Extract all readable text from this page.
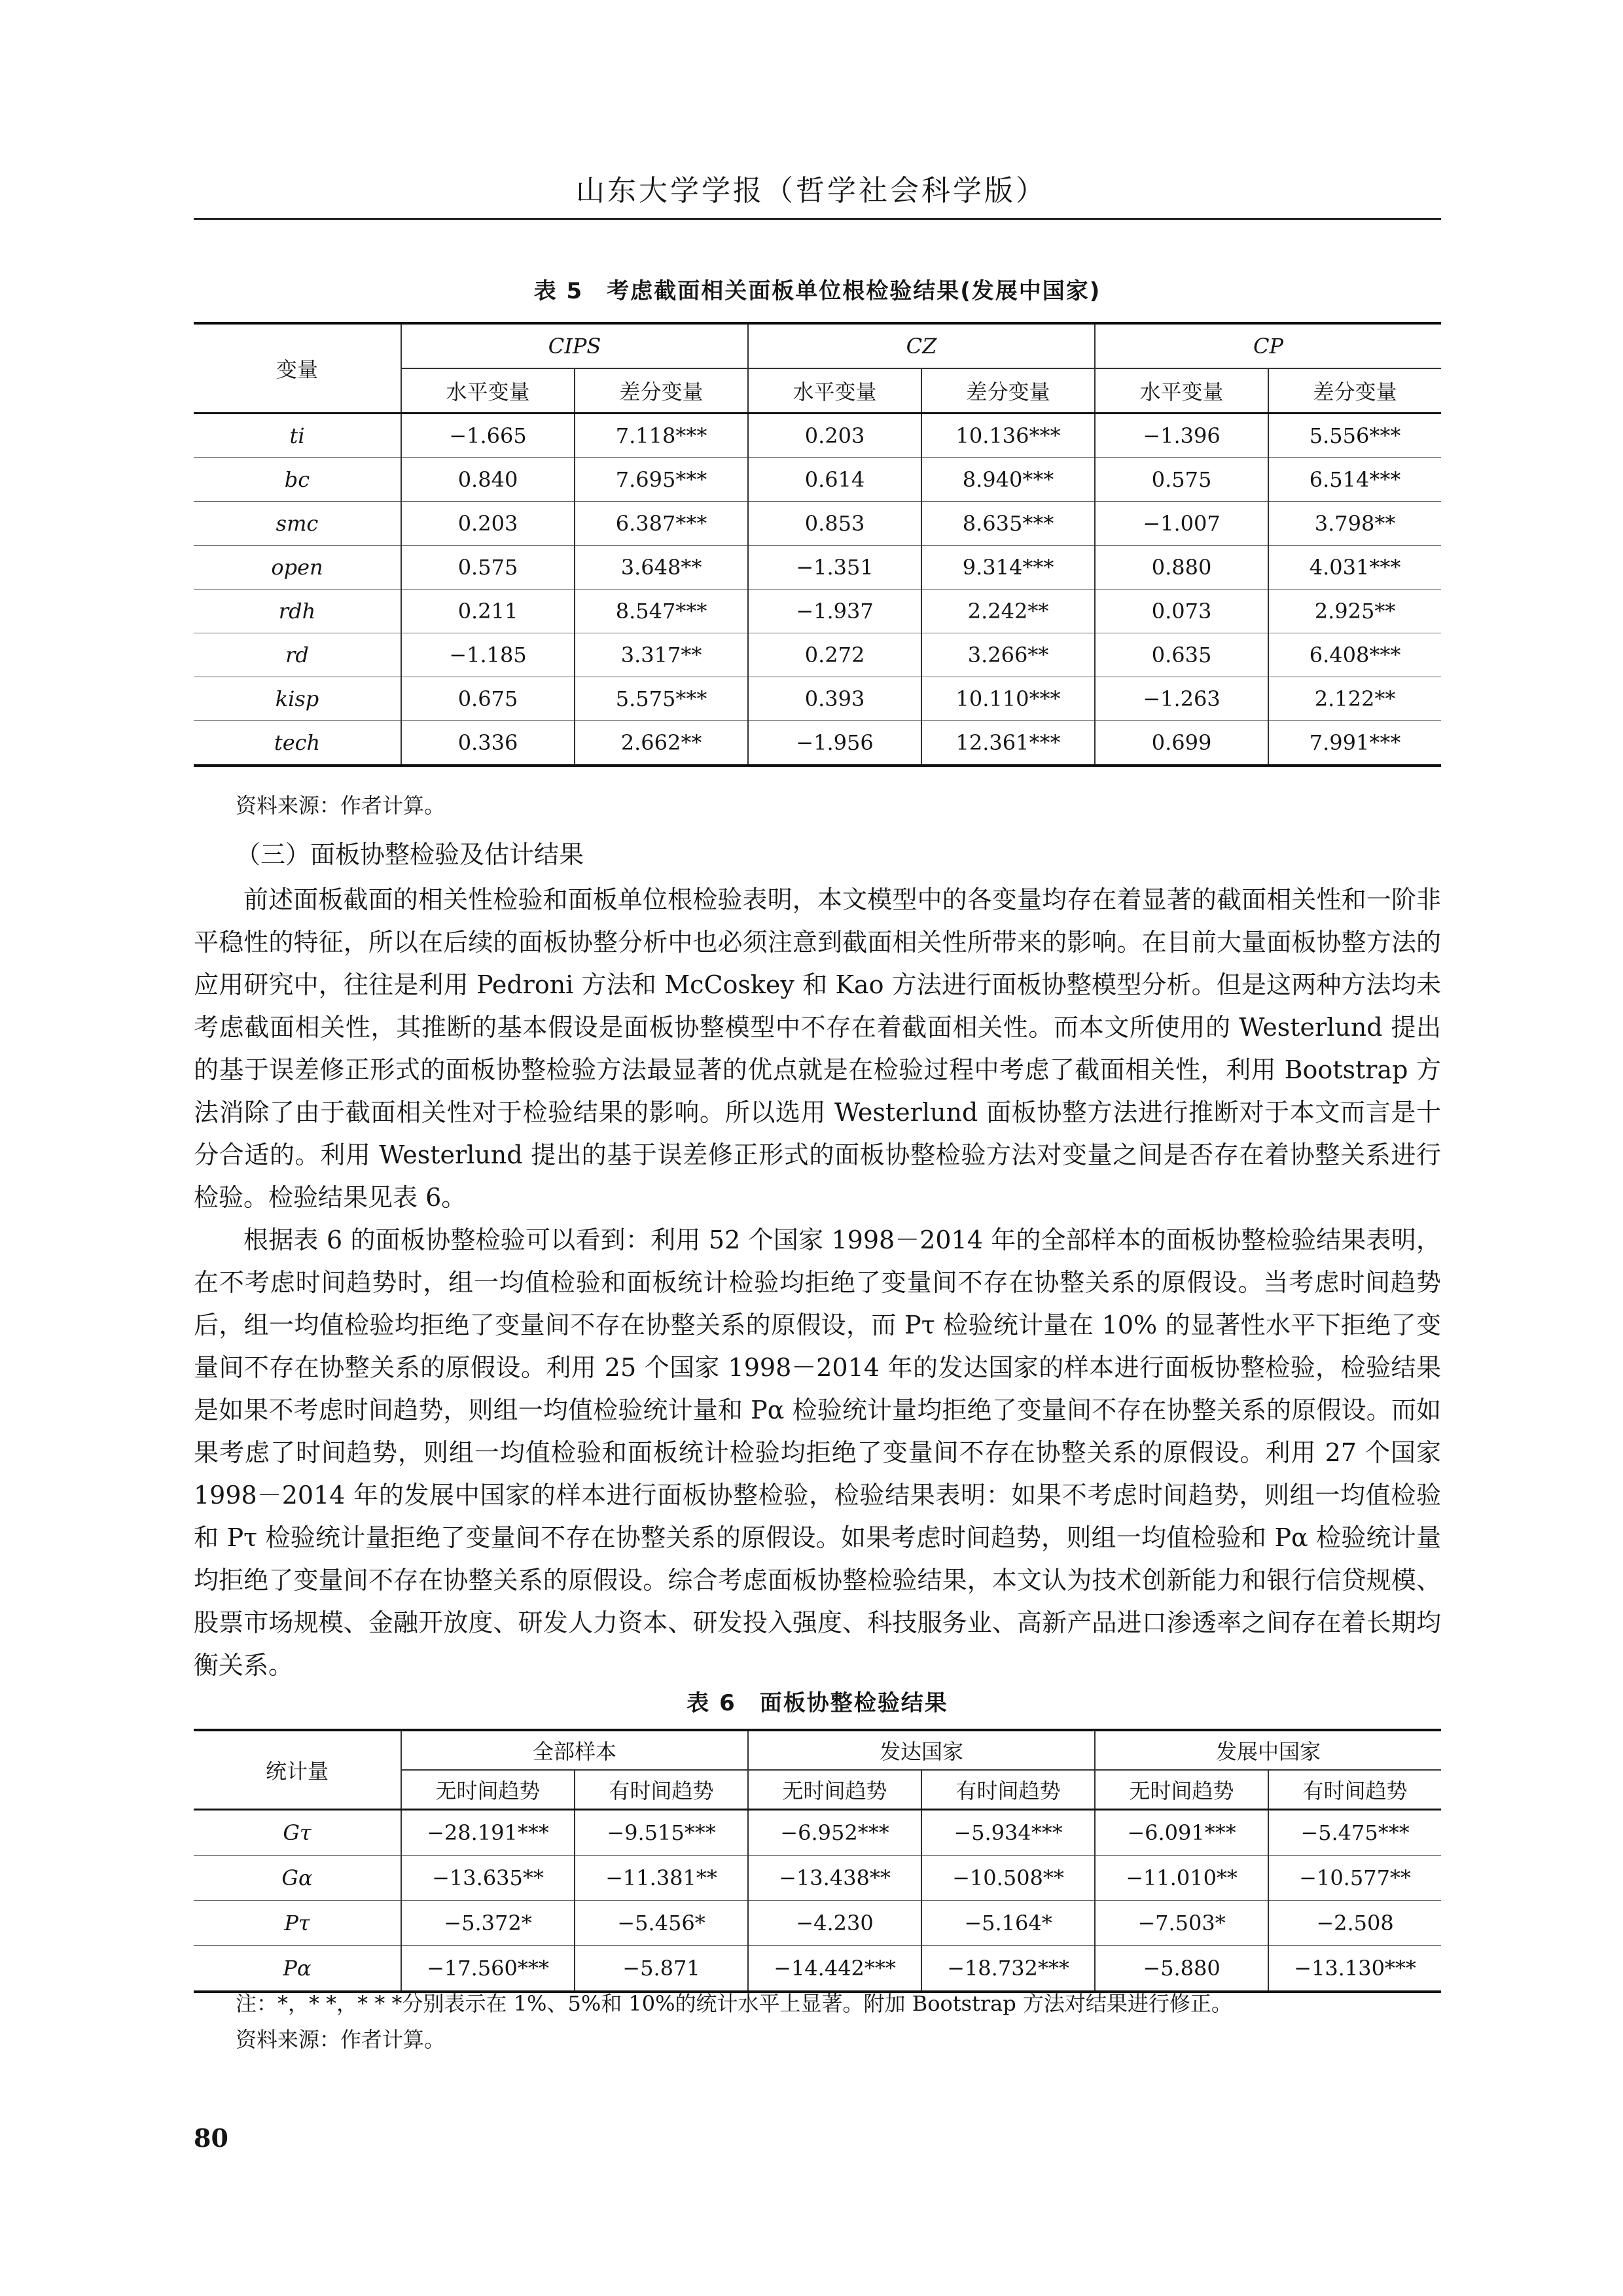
山东大学学报（哲学社会科学版）
表 5　考虑截面相关面板单位根检验结果(发展中国家)
变量	CIPS		CZ		CP	
	水平变量	差分变量	水平变量	差分变量	水平变量	差分变量
ti	−1.665	7.118***	0.203	10.136***	−1.396	5.556***
bc	0.840	7.695***	0.614	8.940***	0.575	6.514***
smc	0.203	6.387***	0.853	8.635***	−1.007	3.798**
open	0.575	3.648**	−1.351	9.314***	0.880	4.031***
rdh	0.211	8.547***	−1.937	2.242**	0.073	2.925**
rd	−1.185	3.317**	0.272	3.266**	0.635	6.408***
kisp	0.675	5.575***	0.393	10.110***	−1.263	2.122**
tech	0.336	2.662**	−1.956	12.361***	0.699	7.991***
资料来源：作者计算。
（三）面板协整检验及估计结果

前述面板截面的相关性检验和面板单位根检验表明，本文模型中的各变量均存在着显著的截面相关性和一阶非平稳性的特征，所以在后续的面板协整分析中也必须注意到截面相关性所带来的影响。在目前大量面板协整方法的应用研究中，往往是利用 Pedroni 方法和 McCoskey 和 Kao 方法进行面板协整模型分析。但是这两种方法均未考虑截面相关性，其推断的基本假设是面板协整模型中不存在着截面相关性。而本文所使用的 Westerlund 提出的基于误差修正形式的面板协整检验方法最显著的优点就是在检验过程中考虑了截面相关性，利用 Bootstrap 方法消除了由于截面相关性对于检验结果的影响。所以选用 Westerlund 面板协整方法进行推断对于本文而言是十分合适的。利用 Westerlund 提出的基于误差修正形式的面板协整检验方法对变量之间是否存在着协整关系进行检验。检验结果见表 6。

根据表 6 的面板协整检验可以看到：利用 52 个国家 1998－2014 年的全部样本的面板协整检验结果表明，在不考虑时间趋势时，组一均值检验和面板统计检验均拒绝了变量间不存在协整关系的原假设。当考虑时间趋势后，组一均值检验均拒绝了变量间不存在协整关系的原假设，而 Pτ 检验统计量在 10% 的显著性水平下拒绝了变量间不存在协整关系的原假设。利用 25 个国家 1998－2014 年的发达国家的样本进行面板协整检验，检验结果是如果不考虑时间趋势，则组一均值检验统计量和 Pα 检验统计量均拒绝了变量间不存在协整关系的原假设。而如果考虑了时间趋势，则组一均值检验和面板统计检验均拒绝了变量间不存在协整关系的原假设。利用 27 个国家 1998－2014 年的发展中国家的样本进行面板协整检验，检验结果表明：如果不考虑时间趋势，则组一均值检验和 Pτ 检验统计量拒绝了变量间不存在协整关系的原假设。如果考虑时间趋势，则组一均值检验和 Pα 检验统计量均拒绝了变量间不存在协整关系的原假设。综合考虑面板协整检验结果，本文认为技术创新能力和银行信贷规模、股票市场规模、金融开放度、研发人力资本、研发投入强度、科技服务业、高新产品进口渗透率之间存在着长期均衡关系。

表 6　面板协整检验结果
统计量	全部样本		发达国家		发展中国家	
	无时间趋势	有时间趋势	无时间趋势	有时间趋势	无时间趋势	有时间趋势
Gτ	−28.191***	−9.515***	−6.952***	−5.934***	−6.091***	−5.475***
Gα	−13.635**	−11.381**	−13.438**	−10.508**	−11.010**	−10.577**
Pτ	−5.372*	−5.456*	−4.230	−5.164*	−7.503*	−2.508
Pα	−17.560***	−5.871	−14.442***	−18.732***	−5.880	−13.130***
注：*，* *，* * *分别表示在 1%、5%和 10%的统计水平上显著。附加 Bootstrap 方法对结果进行修正。
资料来源：作者计算。
80
